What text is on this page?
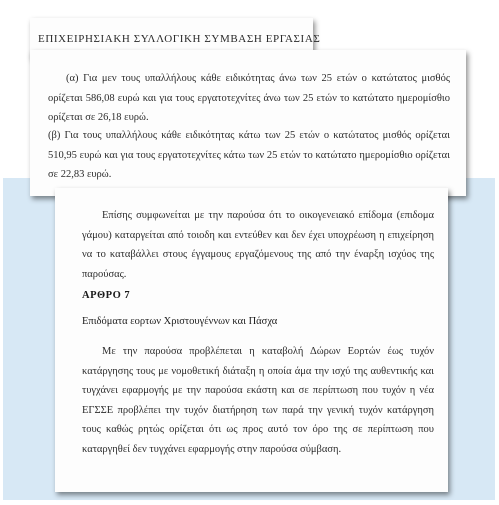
ΕΠΙΧΕΙΡΗΣΙΑΚΗ ΣΥΛΛΟΓΙΚΗ ΣΥΜΒΑΣΗ ΕΡΓΑΣΙΑΣ

(α) Για μεν τους υπαλλήλους κάθε ειδικότητας άνω των 25 ετών ο κατώτατος μισθός ορίζεται 586,08 ευρώ και για τους εργατοτεχνίτες άνω των 25 ετών το κατώτατο ημερομίσθιο ορίζεται σε 26,18 ευρώ.

(β) Για τους υπαλλήλους κάθε ειδικότητας κάτω των 25 ετών ο κατώτατος μισθός ορίζεται 510,95 ευρώ και για τους εργατοτεχνίτες κάτω των 25 ετών το κατώτατο ημερομίσθιο ορίζεται σε 22,83 ευρώ.

Επίσης συμφωνείται με την παρούσα ότι το οικογενειακό επίδομα (επιδομα γάμου) καταργείται από τοιοδη και εντεύθεν και δεν έχει υποχρέωση η επιχείρηση να το καταβάλλει στους έγγαμους εργαζόμενους της από την έναρξη ισχύος της παρούσας.

ΑΡΘΡΟ 7
Επιδόματα εορτων Χριστουγέννων και Πάσχα

Με την παρούσα προβλέπεται η καταβολή Δώρων Εορτών έως τυχόν κατάργησης τους με νομοθετική διάταξη η οποία άμα την ισχύ της αυθεντικής και τυγχάνει εφαρμογής με την παρούσα εκάστη και σε περίπτωση που τυχόν η νέα ΕΓΣΣΕ προβλέπει την τυχόν διατήρηση των παρά την γενική τυχόν κατάργηση τους καθώς ρητώς ορίζεται ότι ως προς αυτό τον όρο της σε περίπτωση που καταργηθεί δεν τυγχάνει εφαρμογής στην παρούσα σύμβαση.
